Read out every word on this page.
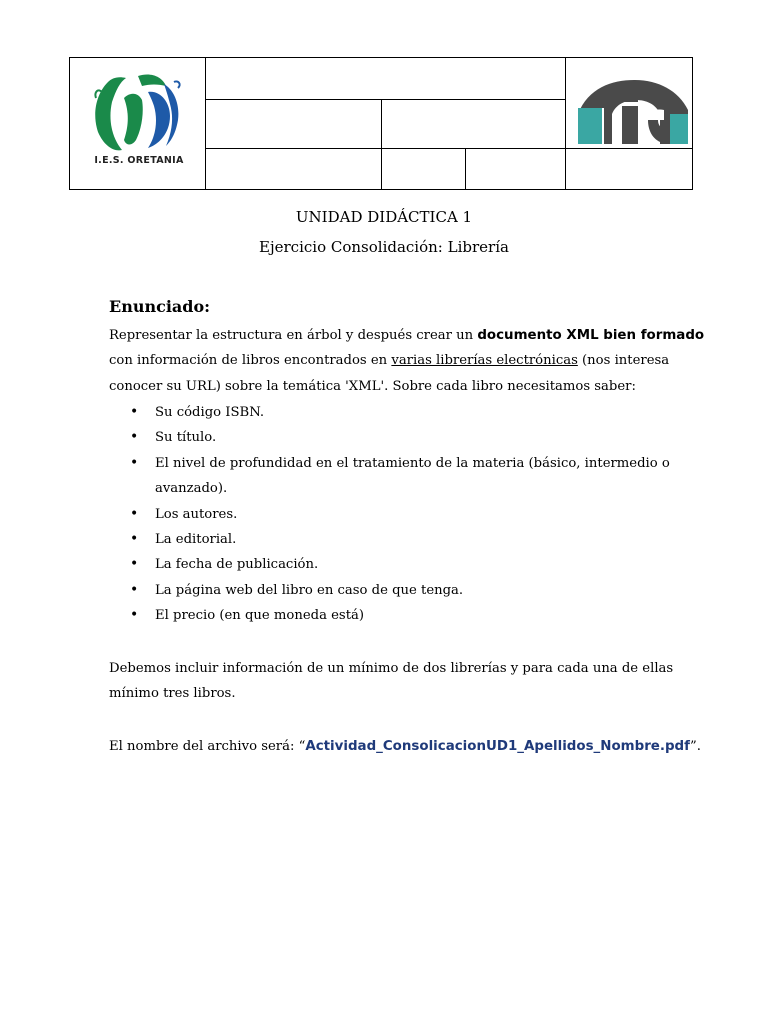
I.E.S. ORETANIA
UNIDAD DIDÁCTICA 1
Ejercicio Consolidación: Librería
Enunciado:
Representar la estructura en árbol y después crear un documento XML bien formado
con información de libros encontrados en varias librerías electrónicas (nos interesa
conocer su URL) sobre la temática 'XML'. Sobre cada libro necesitamos saber:
• Su código ISBN.
• Su título.
• El nivel de profundidad en el tratamiento de la materia (básico, intermedio o
avanzado).
• Los autores.
• La editorial.
• La fecha de publicación.
• La página web del libro en caso de que tenga.
• El precio (en que moneda está)
Debemos incluir información de un mínimo de dos librerías y para cada una de ellas
mínimo tres libros.
El nombre del archivo será: “Actividad_ConsolicacionUD1_Apellidos_Nombre.pdf”.
